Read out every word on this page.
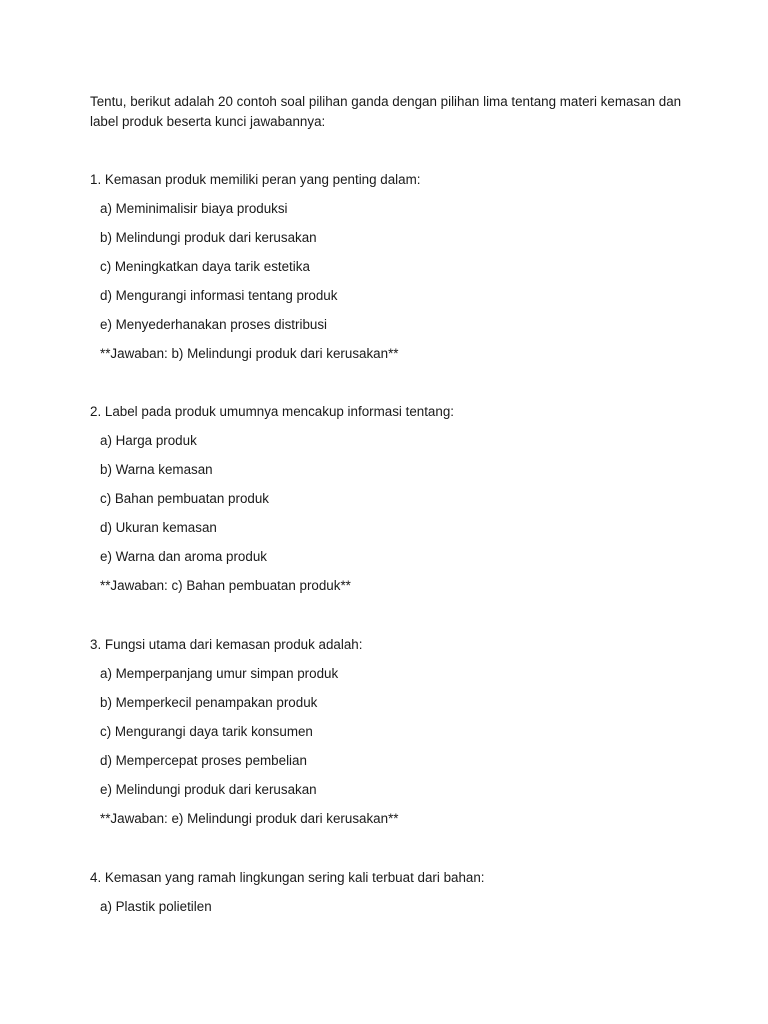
Tentu, berikut adalah 20 contoh soal pilihan ganda dengan pilihan lima tentang materi kemasan dan label produk beserta kunci jawabannya:

1. Kemasan produk memiliki peran yang penting dalam:

a) Meminimalisir biaya produksi

b) Melindungi produk dari kerusakan

c) Meningkatkan daya tarik estetika

d) Mengurangi informasi tentang produk

e) Menyederhanakan proses distribusi

**Jawaban: b) Melindungi produk dari kerusakan**

2. Label pada produk umumnya mencakup informasi tentang:

a) Harga produk

b) Warna kemasan

c) Bahan pembuatan produk

d) Ukuran kemasan

e) Warna dan aroma produk

**Jawaban: c) Bahan pembuatan produk**

3. Fungsi utama dari kemasan produk adalah:

a) Memperpanjang umur simpan produk

b) Memperkecil penampakan produk

c) Mengurangi daya tarik konsumen

d) Mempercepat proses pembelian

e) Melindungi produk dari kerusakan

**Jawaban: e) Melindungi produk dari kerusakan**

4. Kemasan yang ramah lingkungan sering kali terbuat dari bahan:

a) Plastik polietilen
